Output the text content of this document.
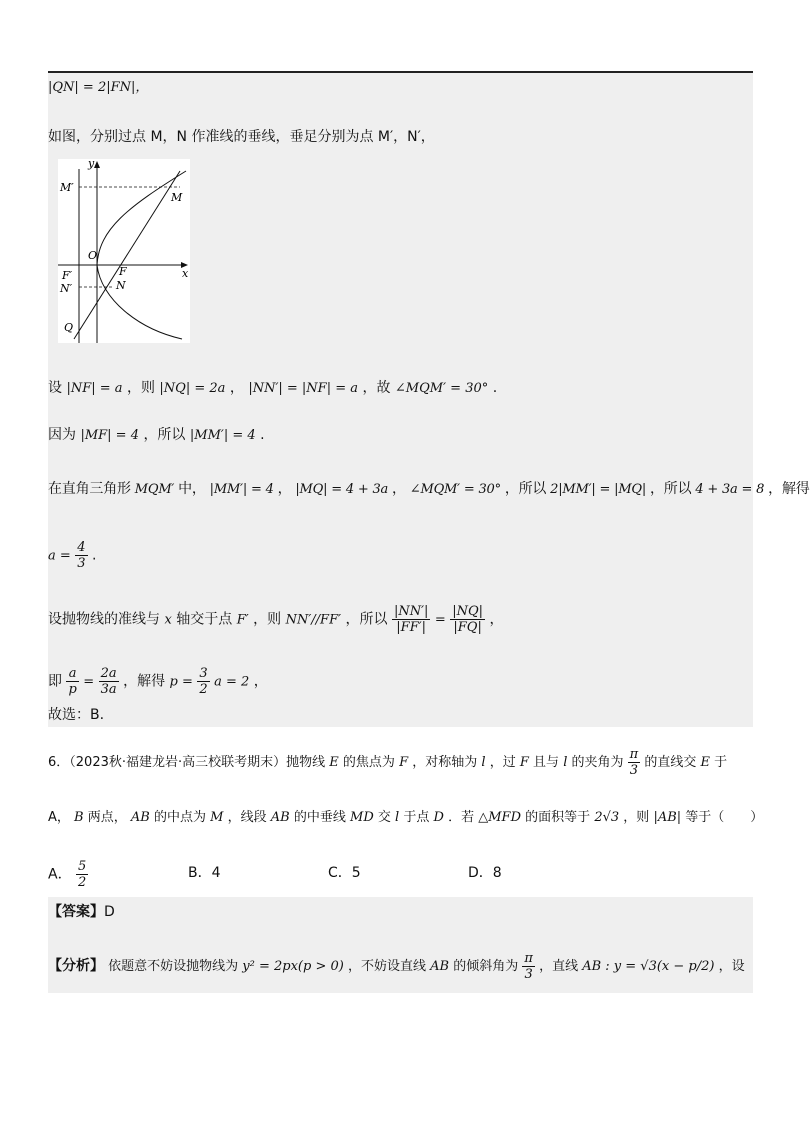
|QN| = 2|FN|，
如图，分别过点 M，N 作准线的垂线，垂足分别为点 M′，N′，
y
x
M′
M
O
F′	F
N′	N
Q
设 |NF| = a ，则 |NQ| = 2a ， |NN′| = |NF| = a ，故 ∠MQM′ = 30° .
因为 |MF| = 4 ，所以 |MM′| = 4 .
在直角三角形 MQM′ 中， |MM′| = 4 ， |MQ| = 4 + 3a ， ∠MQM′ = 30° ，所以 2|MM′| = |MQ| ，所以 4 + 3a = 8 ，解得
$a = \frac{4}{3}$ .
设抛物线的准线与 x 轴交于点 F′ ，则 NN′//FF′ ，所以 $\frac{|NN'|}{|FF'|} = \frac{|NQ|}{|FQ|}$ ，
即 $\frac{a}{p} = \frac{2a}{3a}$ ，解得 $p = \frac{3}{2}$ a = 2 ，
故选：B.
6．（2023秋·福建龙岩·高三校联考期末）抛物线 E 的焦点为 F ，对称轴为 l ，过 F 且与 l 的夹角为 $\frac{\pi}{3}$ 的直线交 E 于
A， B 两点， AB 的中点为 M ，线段 AB 的中垂线 MD 交 l 于点 D ．若 △MFD 的面积等于 2√3 ，则 |AB| 等于（　　）
A． $\frac{5}{2}$	B．4	C．5	D．8
【答案】D
【分析】 依题意不妨设抛物线为 y² = 2px(p > 0) ，不妨设直线 AB 的倾斜角为 $\frac{\pi}{3}$ ，直线 AB : y = √3(x − p/2) ，设
